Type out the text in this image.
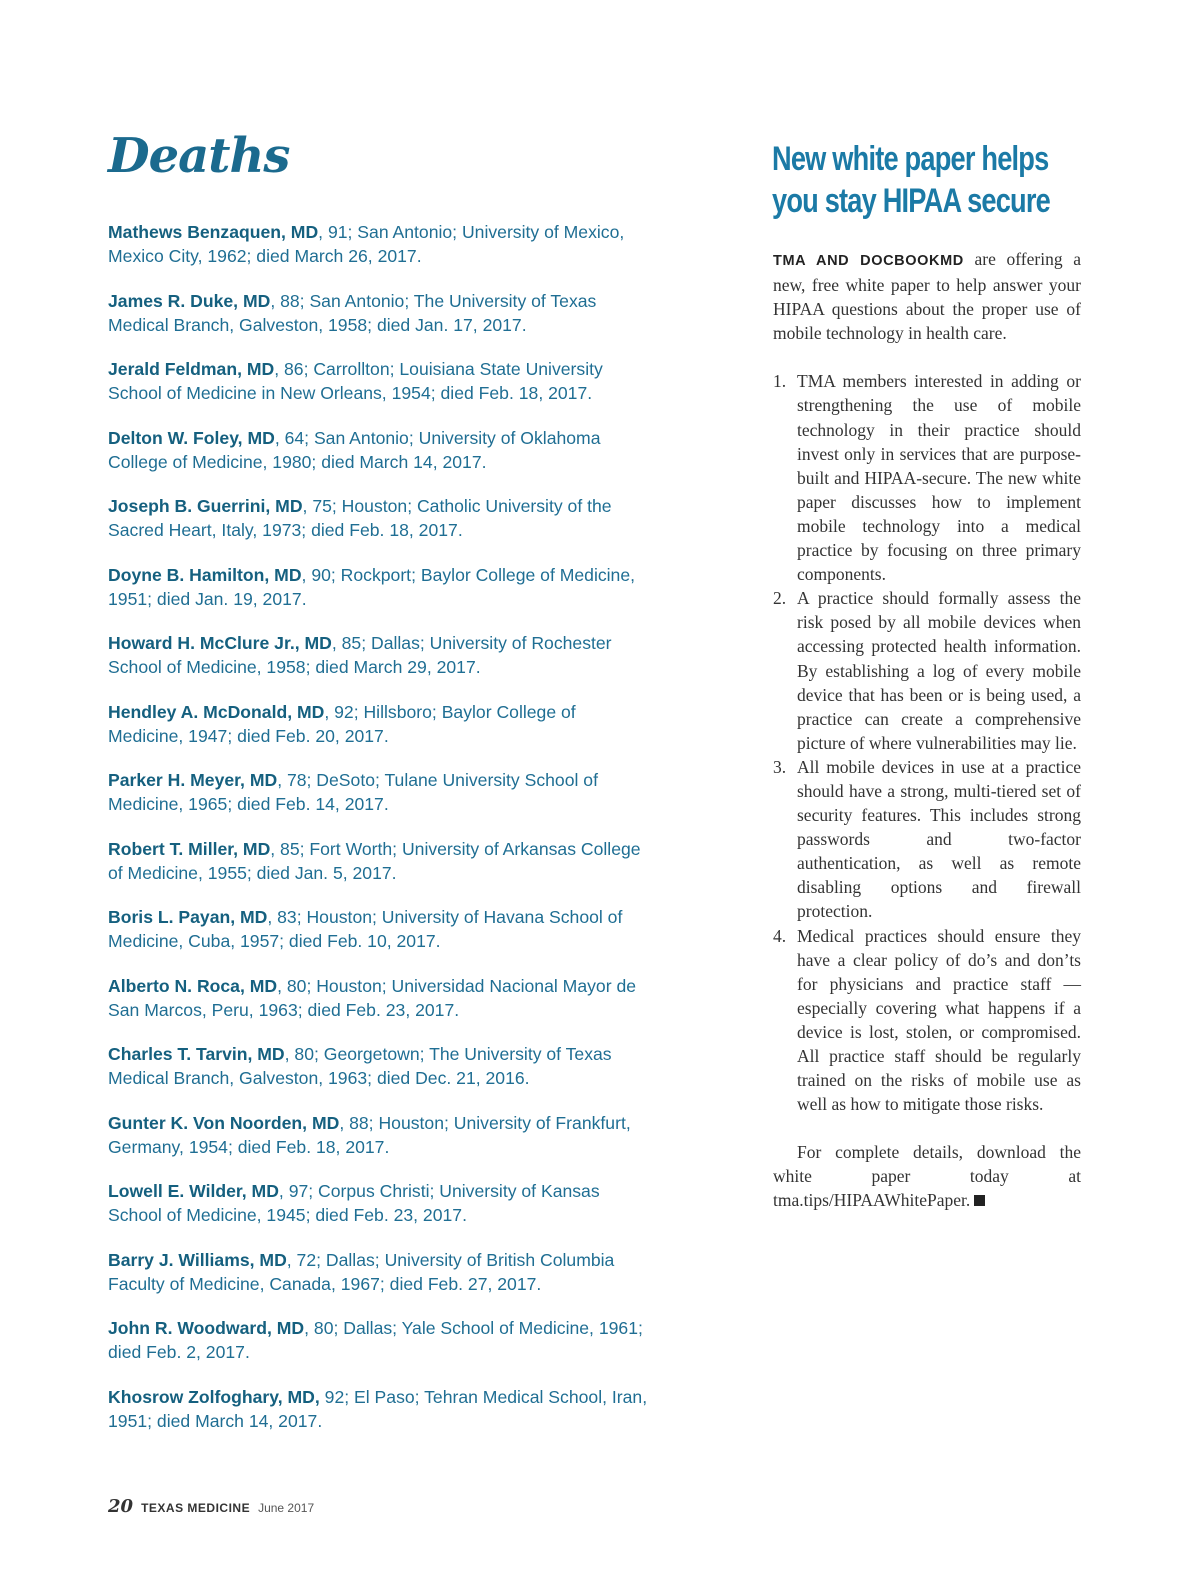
Deaths
Mathews Benzaquen, MD, 91; San Antonio; University of Mexico, Mexico City, 1962; died March 26, 2017.
James R. Duke, MD, 88; San Antonio; The University of Texas Medical Branch, Galveston, 1958; died Jan. 17, 2017.
Jerald Feldman, MD, 86; Carrollton; Louisiana State University School of Medicine in New Orleans, 1954; died Feb. 18, 2017.
Delton W. Foley, MD, 64; San Antonio; University of Oklahoma College of Medicine, 1980; died March 14, 2017.
Joseph B. Guerrini, MD, 75; Houston; Catholic University of the Sacred Heart, Italy, 1973; died Feb. 18, 2017.
Doyne B. Hamilton, MD, 90; Rockport; Baylor College of Medicine, 1951; died Jan. 19, 2017.
Howard H. McClure Jr., MD, 85; Dallas; University of Rochester School of Medicine, 1958; died March 29, 2017.
Hendley A. McDonald, MD, 92; Hillsboro; Baylor College of Medicine, 1947; died Feb. 20, 2017.
Parker H. Meyer, MD, 78; DeSoto; Tulane University School of Medicine, 1965; died Feb. 14, 2017.
Robert T. Miller, MD, 85; Fort Worth; University of Arkansas College of Medicine, 1955; died Jan. 5, 2017.
Boris L. Payan, MD, 83; Houston; University of Havana School of Medicine, Cuba, 1957; died Feb. 10, 2017.
Alberto N. Roca, MD, 80; Houston; Universidad Nacional Mayor de San Marcos, Peru, 1963; died Feb. 23, 2017.
Charles T. Tarvin, MD, 80; Georgetown; The University of Texas Medical Branch, Galveston, 1963; died Dec. 21, 2016.
Gunter K. Von Noorden, MD, 88; Houston; University of Frankfurt, Germany, 1954; died Feb. 18, 2017.
Lowell E. Wilder, MD, 97; Corpus Christi; University of Kansas School of Medicine, 1945; died Feb. 23, 2017.
Barry J. Williams, MD, 72; Dallas; University of British Columbia Faculty of Medicine, Canada, 1967; died Feb. 27, 2017.
John R. Woodward, MD, 80; Dallas; Yale School of Medicine, 1961; died Feb. 2, 2017.
Khosrow Zolfoghary, MD, 92; El Paso; Tehran Medical School, Iran, 1951; died March 14, 2017.
New white paper helps
you stay HIPAA secure

TMA AND DOCBOOKMD are offering a new, free white paper to help answer your HIPAA questions about the proper use of mobile technology in health care.

1. TMA members interested in adding or strengthening the use of mobile technology in their practice should invest only in services that are purpose-built and HIPAA-secure. The new white paper discusses how to implement mobile technology into a medical practice by focusing on three primary components.
2. A practice should formally assess the risk posed by all mobile devices when accessing protected health information. By establishing a log of every mobile device that has been or is being used, a practice can create a comprehensive picture of where vulnerabilities may lie.
3. All mobile devices in use at a practice should have a strong, multi-tiered set of security features. This includes strong passwords and two-factor authentication, as well as remote disabling options and firewall protection.
4. Medical practices should ensure they have a clear policy of do’s and don’ts for physicians and practice staff — especially covering what happens if a device is lost, stolen, or compromised. All practice staff should be regularly trained on the risks of mobile use as well as how to mitigate those risks.

For complete details, download the white paper today at tma.tips/HIPAAWhitePaper.

20 TEXAS MEDICINE June 2017
